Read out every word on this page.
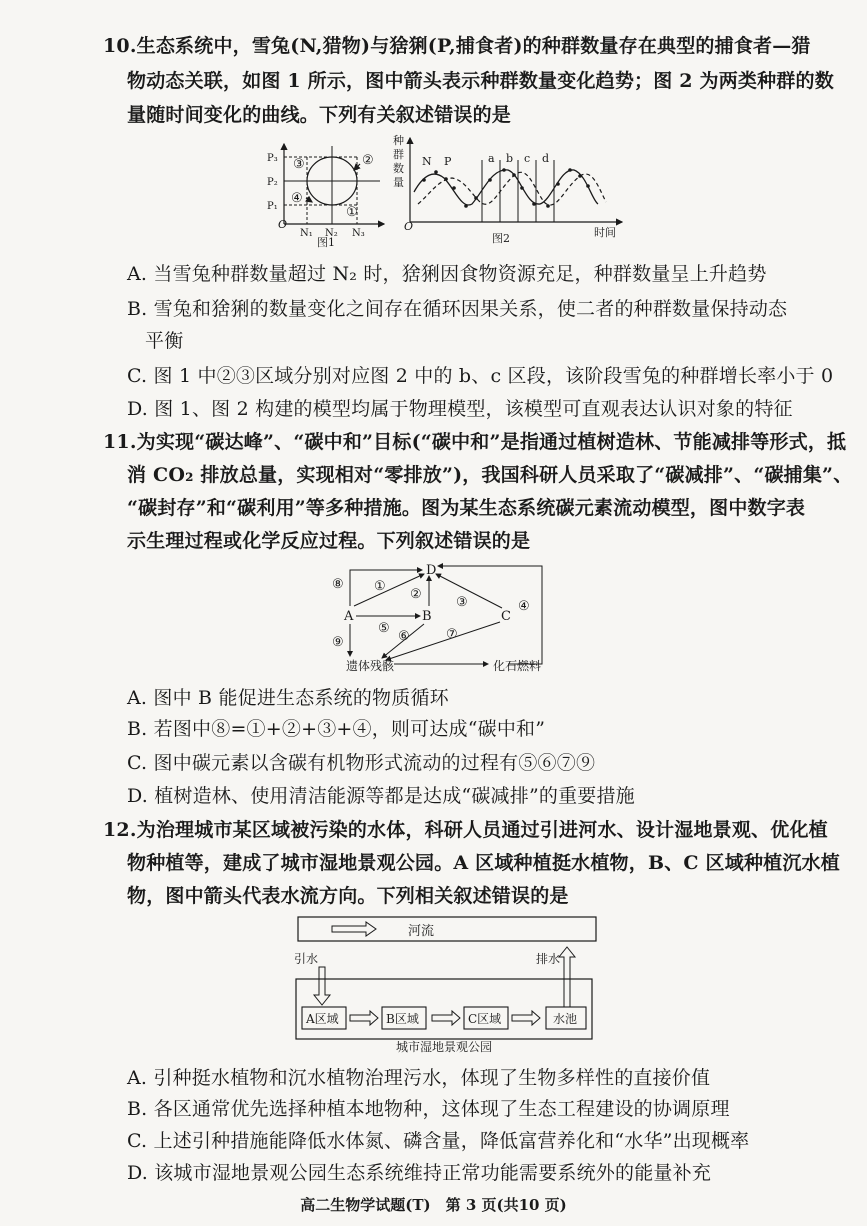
10.生态系统中，雪兔(N,猎物)与猞猁(P,捕食者)的种群数量存在典型的捕食者—猎
物动态关联，如图 1 所示，图中箭头表示种群数量变化趋势；图 2 为两类种群的数
量随时间变化的曲线。下列有关叙述错误的是
O
P₃
P₂
P₁
N₁ N₂ N₃
③	②
④
①
图1
种
群
数
量
O	时间
N P	a b c d
图2
A. 当雪兔种群数量超过 N₂ 时，猞猁因食物资源充足，种群数量呈上升趋势
B. 雪兔和猞猁的数量变化之间存在循环因果关系，使二者的种群数量保持动态
平衡
C. 图 1 中②③区域分别对应图 2 中的 b、c 区段，该阶段雪兔的种群增长率小于 0
D. 图 1、图 2 构建的模型均属于物理模型，该模型可直观表达认识对象的特征
11.为实现“碳达峰”、“碳中和”目标(“碳中和”是指通过植树造林、节能减排等形式，抵
消 CO₂ 排放总量，实现相对“零排放”)，我国科研人员采取了“碳减排”、“碳捕集”、
“碳封存”和“碳利用”等多种措施。图为某生态系统碳元素流动模型，图中数字表
示生理过程或化学反应过程。下列叙述错误的是
D
A	B	C
遗体残骸	化石燃料
⑧ ①
②
③	④
⑤
⑥	⑦
⑨
A. 图中 B 能促进生态系统的物质循环
B. 若图中⑧=①+②+③+④，则可达成“碳中和”
C. 图中碳元素以含碳有机物形式流动的过程有⑤⑥⑦⑨
D. 植树造林、使用清洁能源等都是达成“碳减排”的重要措施
12.为治理城市某区域被污染的水体，科研人员通过引进河水、设计湿地景观、优化植
物种植等，建成了城市湿地景观公园。A 区域种植挺水植物，B、C 区域种植沉水植
物，图中箭头代表水流方向。下列相关叙述错误的是
河流
引水	排水
A区域	B区域	C区域	水池
城市湿地景观公园
A. 引种挺水植物和沉水植物治理污水，体现了生物多样性的直接价值
B. 各区通常优先选择种植本地物种，这体现了生态工程建设的协调原理
C. 上述引种措施能降低水体氮、磷含量，降低富营养化和“水华”出现概率
D. 该城市湿地景观公园生态系统维持正常功能需要系统外的能量补充
高二生物学试题(T)　第 3 页(共10 页)
